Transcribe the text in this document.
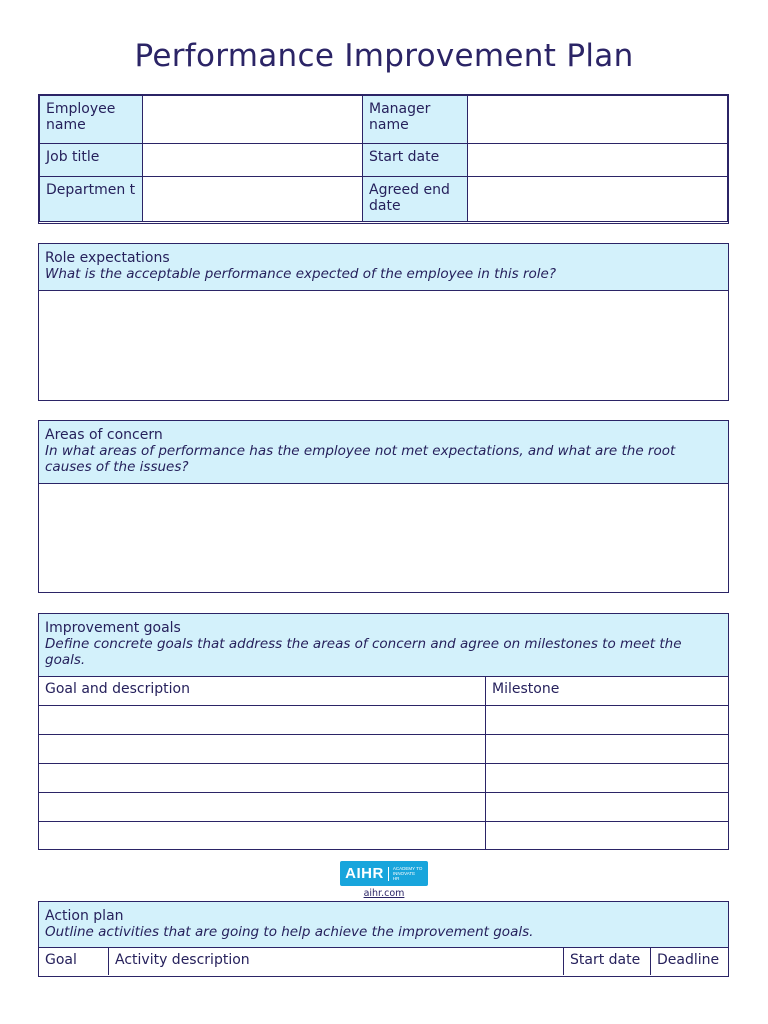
Performance Improvement Plan
Employee name		Manager name	
Job title		Start date	
Departmen t		Agreed end date	
Role expectations
What is the acceptable performance expected of the employee in this role?
Areas of concern
In what areas of performance has the employee not met expectations, and what are the root causes of the issues?
Improvement goals
Define concrete goals that address the areas of concern and agree on milestones to meet the goals.
Goal and description	Milestone

AIHR ACADEMY TO INNOVATE HR
aihr.com
Action plan
Outline activities that are going to help achieve the improvement goals.
Goal	Activity description	Start date	Deadline
